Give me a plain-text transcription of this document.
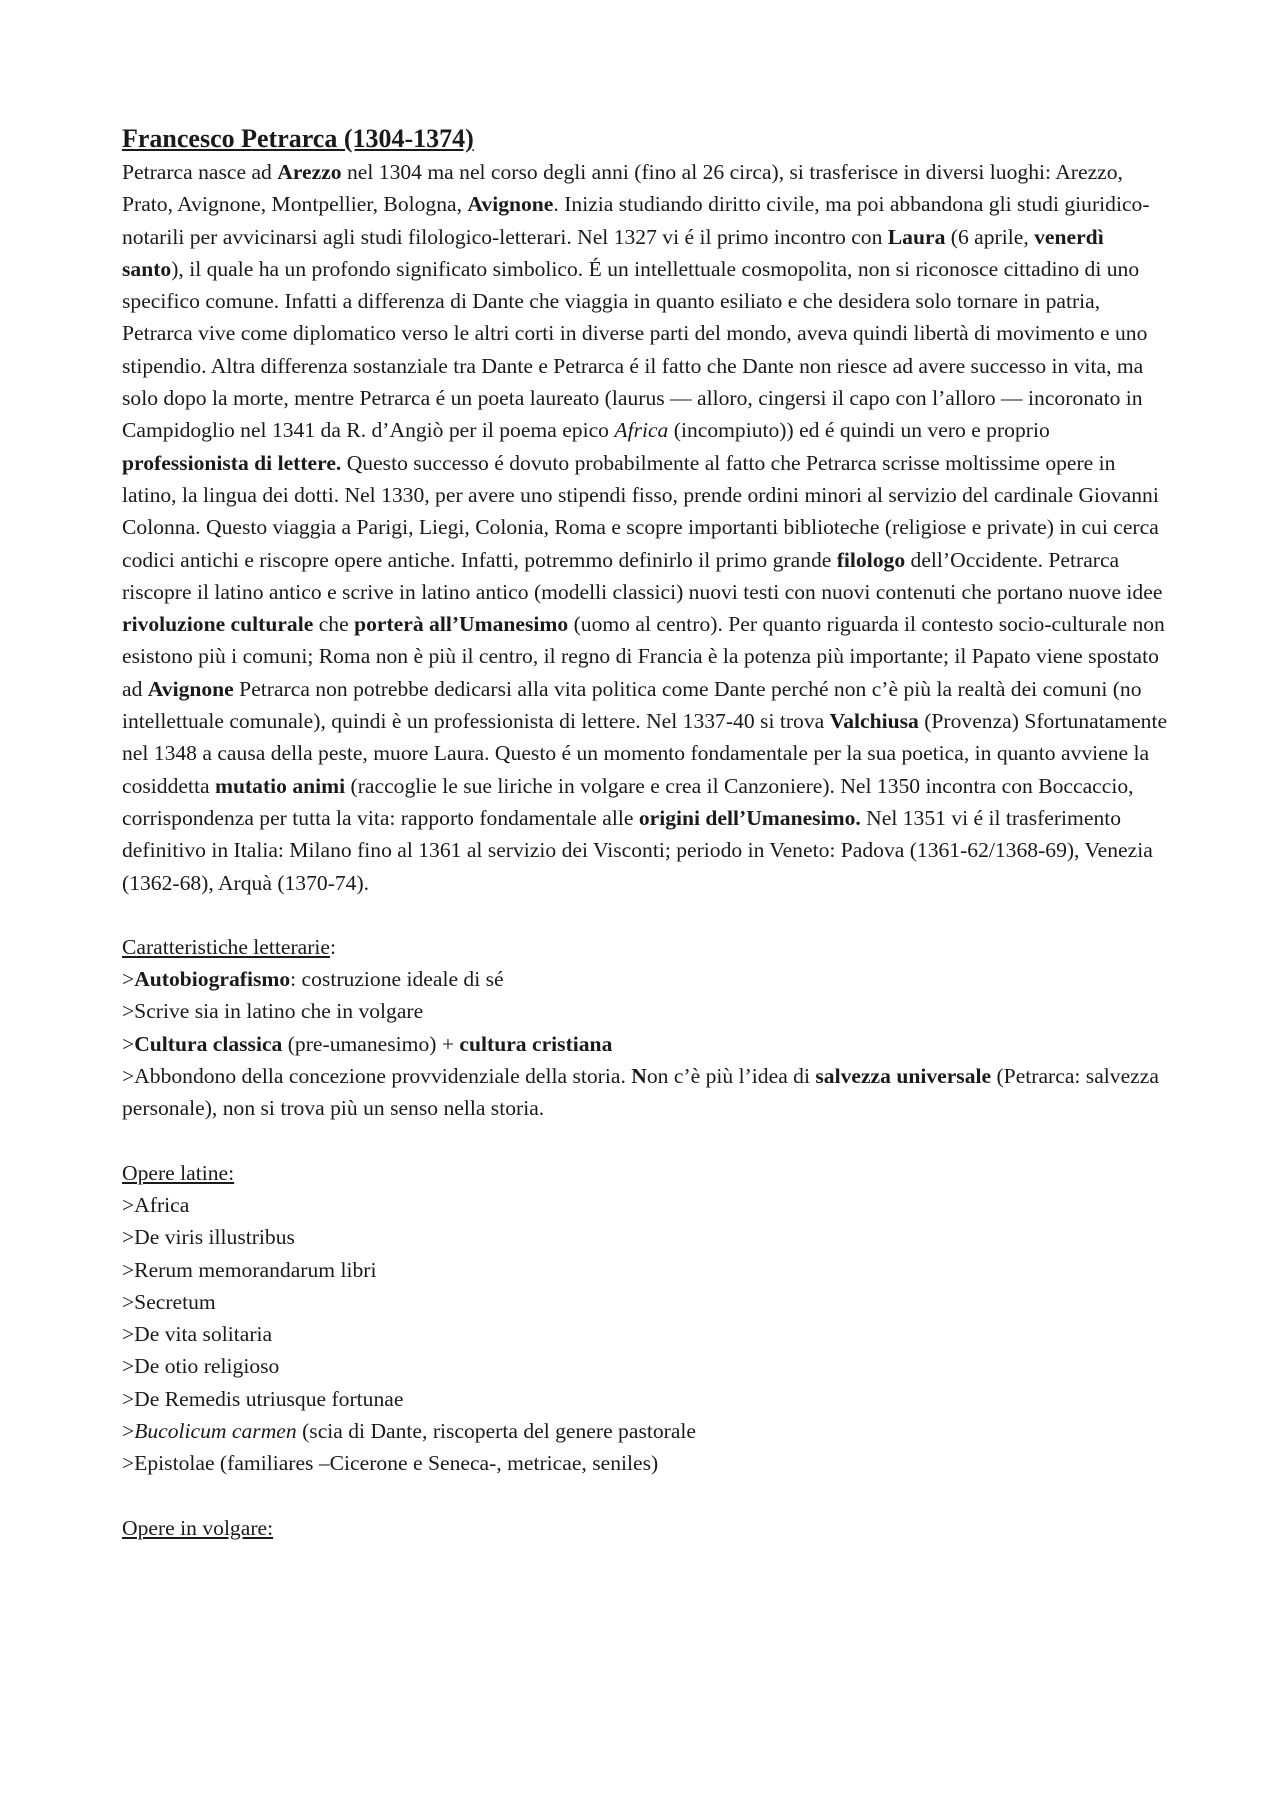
Francesco Petrarca (1304-1374)

Petrarca nasce ad Arezzo nel 1304 ma nel corso degli anni (fino al 26 circa), si trasferisce in diversi luoghi: Arezzo, Prato, Avignone, Montpellier, Bologna, Avignone. Inizia studiando diritto civile, ma poi abbandona gli studi giuridico-notarili per avvicinarsi agli studi filologico-letterari. Nel 1327 vi é il primo incontro con Laura (6 aprile, venerdì santo), il quale ha un profondo significato simbolico. É un intellettuale cosmopolita, non si riconosce cittadino di uno specifico comune. Infatti a differenza di Dante che viaggia in quanto esiliato e che desidera solo tornare in patria, Petrarca vive come diplomatico verso le altri corti in diverse parti del mondo, aveva quindi libertà di movimento e uno stipendio. Altra differenza sostanziale tra Dante e Petrarca é il fatto che Dante non riesce ad avere successo in vita, ma solo dopo la morte, mentre Petrarca é un poeta laureato (laurus — alloro, cingersi il capo con l’alloro — incoronato in Campidoglio nel 1341 da R. d’Angiò per il poema epico Africa (incompiuto)) ed é quindi un vero e proprio professionista di lettere. Questo successo é dovuto probabilmente al fatto che Petrarca scrisse moltissime opere in latino, la lingua dei dotti. Nel 1330, per avere uno stipendi fisso, prende ordini minori al servizio del cardinale Giovanni Colonna. Questo viaggia a Parigi, Liegi, Colonia, Roma e scopre importanti biblioteche (religiose e private) in cui cerca codici antichi e riscopre opere antiche. Infatti, potremmo definirlo il primo grande filologo dell’Occidente. Petrarca riscopre il latino antico e scrive in latino antico (modelli classici) nuovi testi con nuovi contenuti che portano nuove idee rivoluzione culturale che porterà all’Umanesimo (uomo al centro). Per quanto riguarda il contesto socio-culturale non esistono più i comuni; Roma non è più il centro, il regno di Francia è la potenza più importante; il Papato viene spostato ad Avignone Petrarca non potrebbe dedicarsi alla vita politica come Dante perché non c’è più la realtà dei comuni (no intellettuale comunale), quindi è un professionista di lettere. Nel 1337-40 si trova Valchiusa (Provenza) Sfortunatamente nel 1348 a causa della peste, muore Laura. Questo é un momento fondamentale per la sua poetica, in quanto avviene la cosiddetta mutatio animi (raccoglie le sue liriche in volgare e crea il Canzoniere). Nel 1350 incontra con Boccaccio, corrispondenza per tutta la vita: rapporto fondamentale alle origini dell’Umanesimo. Nel 1351 vi é il trasferimento definitivo in Italia: Milano fino al 1361 al servizio dei Visconti; periodo in Veneto: Padova (1361-62/1368-69), Venezia (1362-68), Arquà (1370-74).

Caratteristiche letterarie:

>Autobiografismo: costruzione ideale di sé
>Scrive sia in latino che in volgare
>Cultura classica (pre-umanesimo) + cultura cristiana
>Abbondono della concezione provvidenziale della storia. Non c’è più l’idea di salvezza universale (Petrarca: salvezza personale), non si trova più un senso nella storia.

Opere latine:

>Africa
>De viris illustribus
>Rerum memorandarum libri
>Secretum
>De vita solitaria
>De otio religioso
>De Remedis utriusque fortunae
>Bucolicum carmen (scia di Dante, riscoperta del genere pastorale
>Epistolae (familiares –Cicerone e Seneca-, metricae, seniles)

Opere in volgare:
